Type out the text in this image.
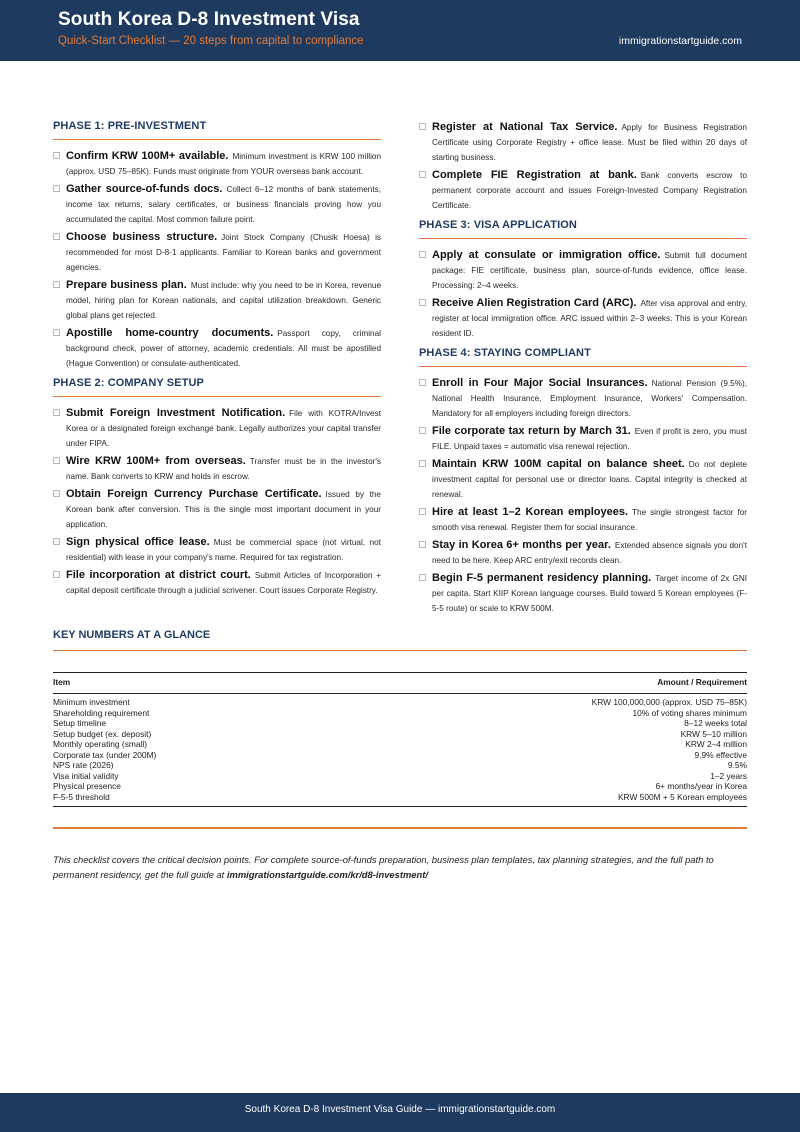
South Korea D-8 Investment Visa
Quick-Start Checklist — 20 steps from capital to compliance	immigrationstartguide.com
PHASE 1: PRE-INVESTMENT
Confirm KRW 100M+ available. Minimum investment is KRW 100 million (approx. USD 75–85K). Funds must originate from YOUR overseas bank account.
Gather source-of-funds docs. Collect 6–12 months of bank statements, income tax returns, salary certificates, or business financials proving how you accumulated the capital. Most common failure point.
Choose business structure. Joint Stock Company (Chusik Hoesa) is recommended for most D-8-1 applicants. Familiar to Korean banks and government agencies.
Prepare business plan. Must include: why you need to be in Korea, revenue model, hiring plan for Korean nationals, and capital utilization breakdown. Generic global plans get rejected.
Apostille home-country documents. Passport copy, criminal background check, power of attorney, academic credentials. All must be apostilled (Hague Convention) or consulate-authenticated.
PHASE 2: COMPANY SETUP
Submit Foreign Investment Notification. File with KOTRA/Invest Korea or a designated foreign exchange bank. Legally authorizes your capital transfer under FIPA.
Wire KRW 100M+ from overseas. Transfer must be in the investor's name. Bank converts to KRW and holds in escrow.
Obtain Foreign Currency Purchase Certificate. Issued by the Korean bank after conversion. This is the single most important document in your application.
Sign physical office lease. Must be commercial space (not virtual, not residential) with lease in your company's name. Required for tax registration.
File incorporation at district court. Submit Articles of Incorporation + capital deposit certificate through a judicial scrivener. Court issues Corporate Registry.
Register at National Tax Service. Apply for Business Registration Certificate using Corporate Registry + office lease. Must be filed within 20 days of starting business.
Complete FIE Registration at bank. Bank converts escrow to permanent corporate account and issues Foreign-Invested Company Registration Certificate.
PHASE 3: VISA APPLICATION
Apply at consulate or immigration office. Submit full document package: FIE certificate, business plan, source-of-funds evidence, office lease. Processing: 2–4 weeks.
Receive Alien Registration Card (ARC). After visa approval and entry, register at local immigration office. ARC issued within 2–3 weeks. This is your Korean resident ID.
PHASE 4: STAYING COMPLIANT
Enroll in Four Major Social Insurances. National Pension (9.5%), National Health Insurance, Employment Insurance, Workers' Compensation. Mandatory for all employers including foreign directors.
File corporate tax return by March 31. Even if profit is zero, you must FILE. Unpaid taxes = automatic visa renewal rejection.
Maintain KRW 100M capital on balance sheet. Do not deplete investment capital for personal use or director loans. Capital integrity is checked at renewal.
Hire at least 1–2 Korean employees. The single strongest factor for smooth visa renewal. Register them for social insurance.
Stay in Korea 6+ months per year. Extended absence signals you don't need to be here. Keep ARC entry/exit records clean.
Begin F-5 permanent residency planning. Target income of 2x GNI per capita. Start KIIP Korean language courses. Build toward 5 Korean employees (F-5-5 route) or scale to KRW 500M.
KEY NUMBERS AT A GLANCE
Item	Amount / Requirement
Minimum investment	KRW 100,000,000 (approx. USD 75–85K)
Shareholding requirement	10% of voting shares minimum
Setup timeline	8–12 weeks total
Setup budget (ex. deposit)	KRW 5–10 million
Monthly operating (small)	KRW 2–4 million
Corporate tax (under 200M)	9.9% effective
NPS rate (2026)	9.5%
Visa initial validity	1–2 years
Physical presence	6+ months/year in Korea
F-5-5 threshold	KRW 500M + 5 Korean employees
This checklist covers the critical decision points. For complete source-of-funds preparation, business plan templates, tax planning strategies, and the full path to permanent residency, get the full guide at immigrationstartguide.com/kr/d8-investment/
South Korea D-8 Investment Visa Guide — immigrationstartguide.com
